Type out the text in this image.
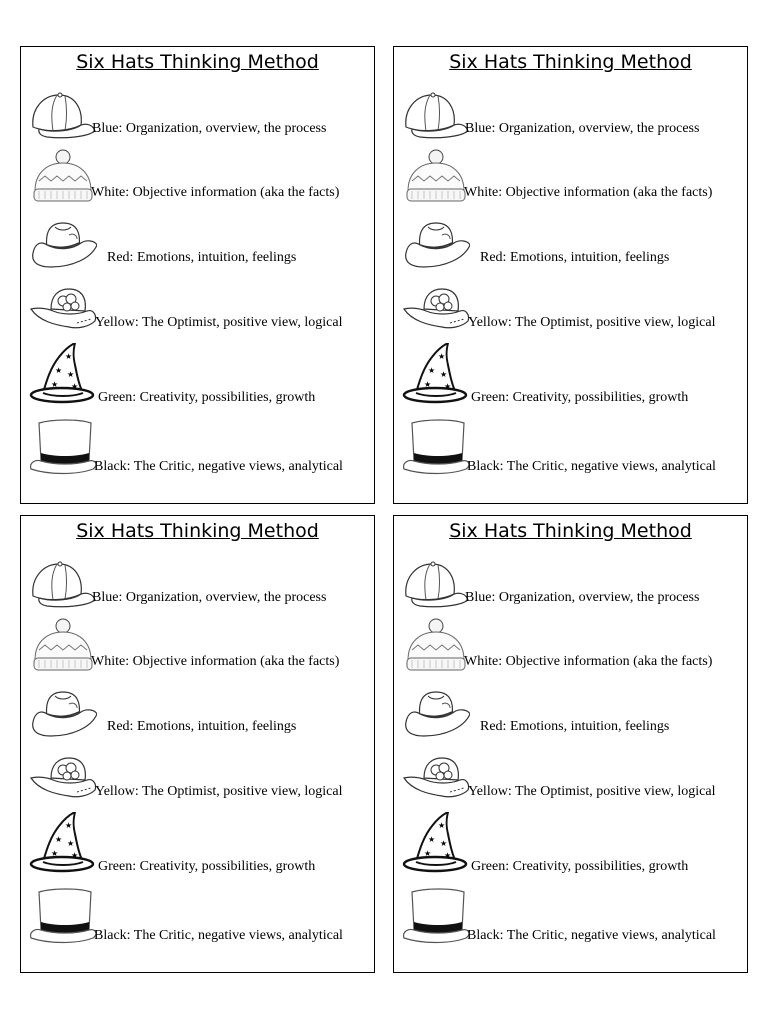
Six Hats Thinking Method
Blue: Organization, overview, the process
White: Objective information (aka the facts)
Red: Emotions, intuition, feelings
Yellow: The Optimist, positive view, logical
Green: Creativity, possibilities, growth
Black: The Critic, negative views, analytical
Six Hats Thinking Method
Blue: Organization, overview, the process
White: Objective information (aka the facts)
Red: Emotions, intuition, feelings
Yellow: The Optimist, positive view, logical
Green: Creativity, possibilities, growth
Black: The Critic, negative views, analytical
Six Hats Thinking Method
Blue: Organization, overview, the process
White: Objective information (aka the facts)
Red: Emotions, intuition, feelings
Yellow: The Optimist, positive view, logical
Green: Creativity, possibilities, growth
Black: The Critic, negative views, analytical
Six Hats Thinking Method
Blue: Organization, overview, the process
White: Objective information (aka the facts)
Red: Emotions, intuition, feelings
Yellow: The Optimist, positive view, logical
Green: Creativity, possibilities, growth
Black: The Critic, negative views, analytical
